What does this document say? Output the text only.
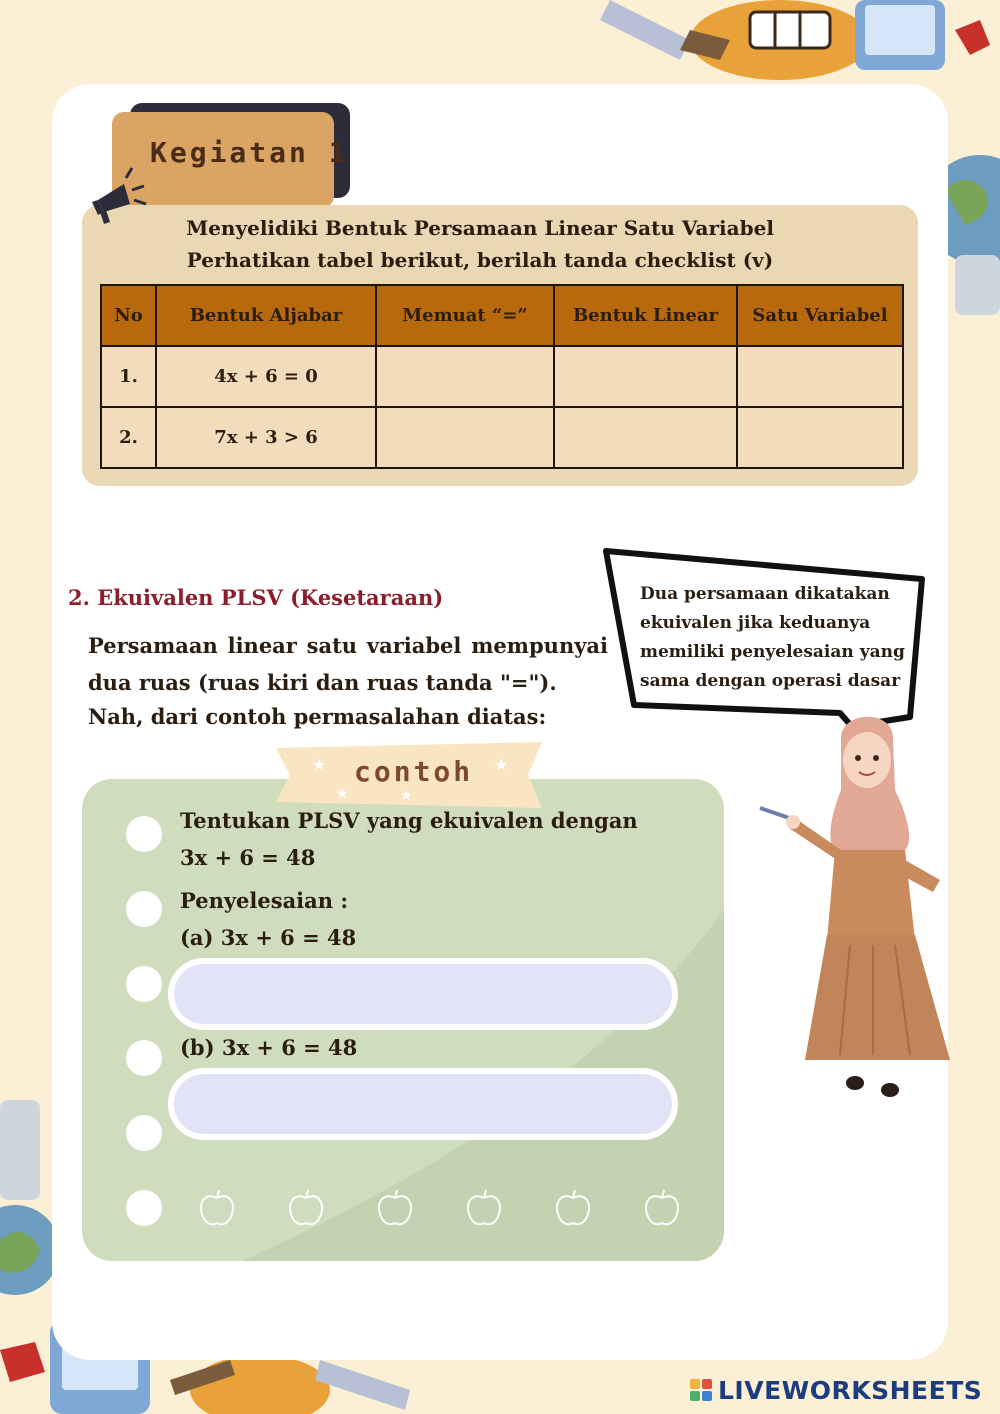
Kegiatan 1
Menyelidiki Bentuk Persamaan Linear Satu Variabel
Perhatikan tabel berikut, berilah tanda checklist (v)
No	Bentuk Aljabar	Memuat “=”	Bentuk Linear	Satu Variabel
1.	4x + 6 = 0			
2.	7x + 3 > 6			
2. Ekuivalen PLSV (Kesetaraan)
Persamaan linear satu variabel mempunyai
dua ruas (ruas kiri dan ruas tanda "=").
Nah, dari contoh permasalahan diatas:
Dua persamaan dikatakan
ekuivalen jika keduanya
memiliki penyelesaian yang
sama dengan operasi dasar
★	★
★	★
contoh
Tentukan PLSV yang ekuivalen dengan
3x + 6 = 48
Penyelesaian :
(a) 3x + 6 = 48
(b) 3x + 6 = 48
LIVEWORKSHEETS
